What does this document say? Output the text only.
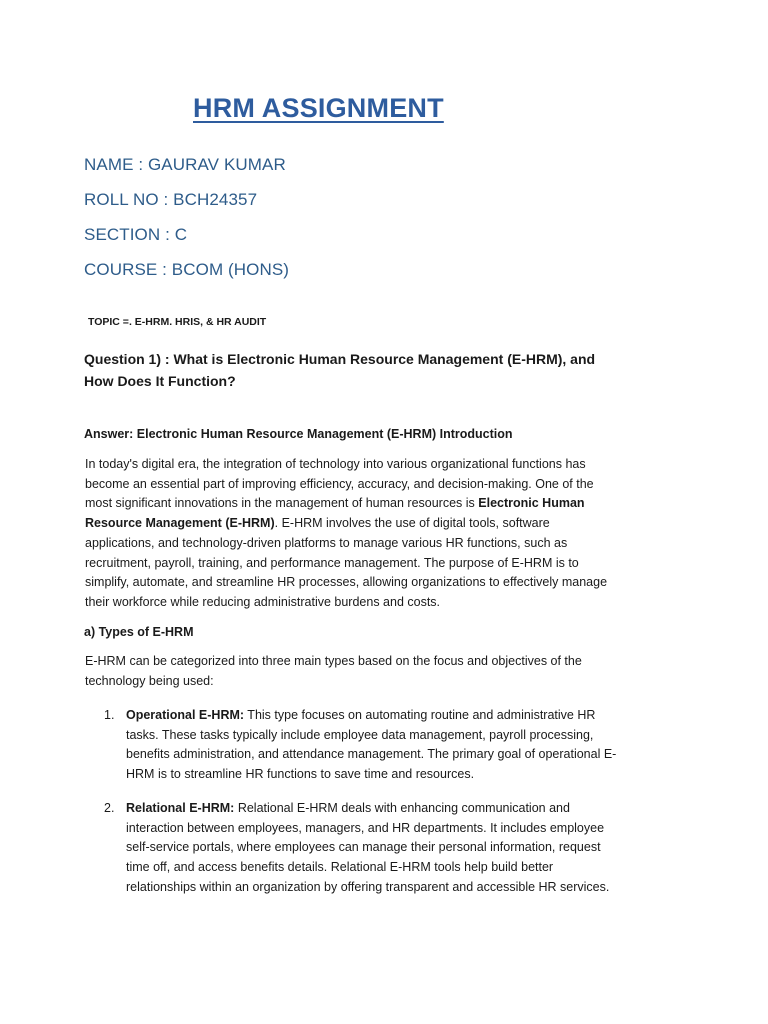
HRM ASSIGNMENT
NAME : GAURAV KUMAR
ROLL NO : BCH24357
SECTION : C
COURSE : BCOM (HONS)
TOPIC =. E-HRM. HRIS, & HR AUDIT
Question 1) : What is Electronic Human Resource Management (E-HRM), and How Does It Function?
Answer: Electronic Human Resource Management (E-HRM) Introduction
In today's digital era, the integration of technology into various organizational functions has become an essential part of improving efficiency, accuracy, and decision-making. One of the most significant innovations in the management of human resources is Electronic Human Resource Management (E-HRM). E-HRM involves the use of digital tools, software applications, and technology-driven platforms to manage various HR functions, such as recruitment, payroll, training, and performance management. The purpose of E-HRM is to simplify, automate, and streamline HR processes, allowing organizations to effectively manage their workforce while reducing administrative burdens and costs.
a) Types of E-HRM
E-HRM can be categorized into three main types based on the focus and objectives of the technology being used:
1. Operational E-HRM: This type focuses on automating routine and administrative HR tasks. These tasks typically include employee data management, payroll processing, benefits administration, and attendance management. The primary goal of operational E-HRM is to streamline HR functions to save time and resources.
2. Relational E-HRM: Relational E-HRM deals with enhancing communication and interaction between employees, managers, and HR departments. It includes employee self-service portals, where employees can manage their personal information, request time off, and access benefits details. Relational E-HRM tools help build better relationships within an organization by offering transparent and accessible HR services.
